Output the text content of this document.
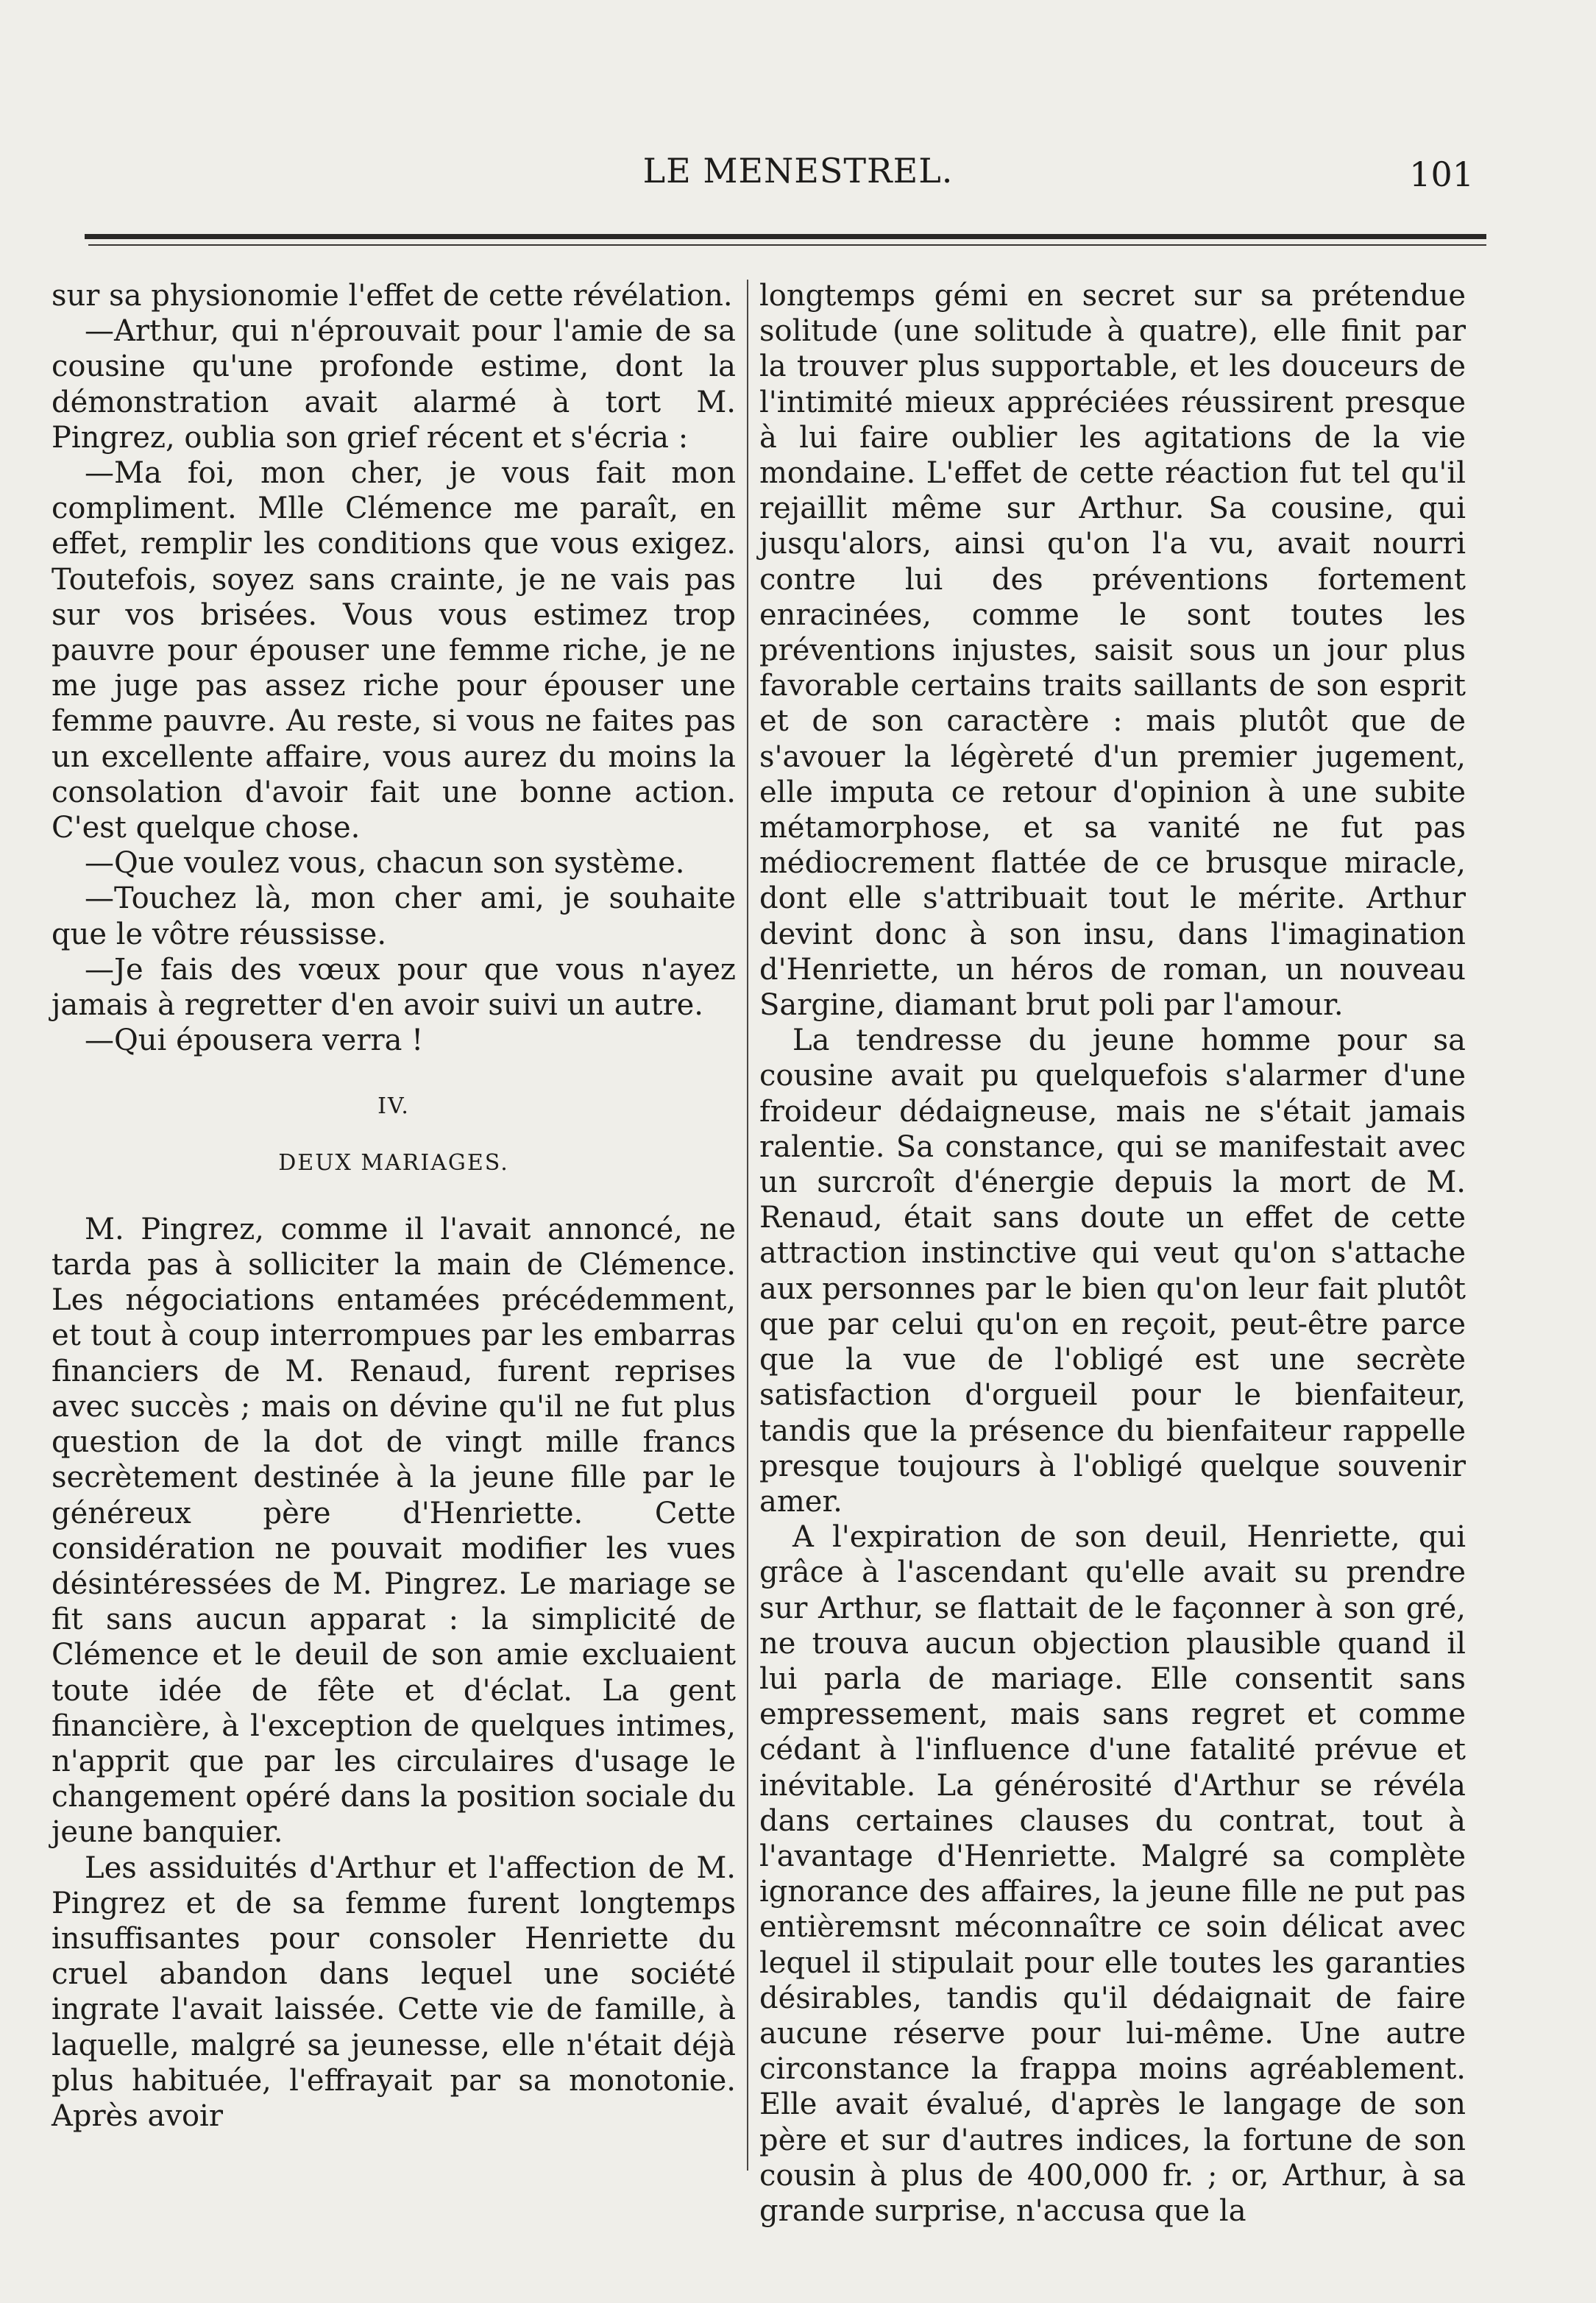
LE MENESTREL.	101

sur sa physionomie l'effet de cette révélation.

—Arthur, qui n'éprouvait pour l'amie de sa cousine qu'une profonde estime, dont la démonstration avait alarmé à tort M. Pingrez, oublia son grief récent et s'écria :

—Ma foi, mon cher, je vous fait mon compliment. Mlle Clémence me paraît, en effet, remplir les conditions que vous exigez. Toutefois, soyez sans crainte, je ne vais pas sur vos brisées. Vous vous estimez trop pauvre pour épouser une femme riche, je ne me juge pas assez riche pour épouser une femme pauvre. Au reste, si vous ne faites pas un excellente affaire, vous aurez du moins la consolation d'avoir fait une bonne action. C'est quelque chose.

—Que voulez vous, chacun son système.

—Touchez là, mon cher ami, je souhaite que le vôtre réussisse.

—Je fais des vœux pour que vous n'ayez jamais à regretter d'en avoir suivi un autre.

—Qui épousera verra !

IV.
DEUX MARIAGES.

M. Pingrez, comme il l'avait annoncé, ne tarda pas à solliciter la main de Clémence. Les négociations entamées précédemment, et tout à coup interrompues par les embarras financiers de M. Renaud, furent reprises avec succès ; mais on dévine qu'il ne fut plus question de la dot de vingt mille francs secrètement destinée à la jeune fille par le généreux père d'Henriette. Cette considération ne pouvait modifier les vues désintéressées de M. Pingrez. Le mariage se fit sans aucun apparat : la simplicité de Clémence et le deuil de son amie excluaient toute idée de fête et d'éclat. La gent financière, à l'exception de quelques intimes, n'apprit que par les circulaires d'usage le changement opéré dans la position sociale du jeune banquier.

Les assiduités d'Arthur et l'affection de M. Pingrez et de sa femme furent longtemps insuffisantes pour consoler Henriette du cruel abandon dans lequel une société ingrate l'avait laissée. Cette vie de famille, à laquelle, malgré sa jeunesse, elle n'était déjà plus habituée, l'effrayait par sa monotonie. Après avoir

longtemps gémi en secret sur sa prétendue solitude (une solitude à quatre), elle finit par la trouver plus supportable, et les douceurs de l'intimité mieux appréciées réussirent presque à lui faire oublier les agitations de la vie mondaine. L'effet de cette réaction fut tel qu'il rejaillit même sur Arthur. Sa cousine, qui jusqu'alors, ainsi qu'on l'a vu, avait nourri contre lui des préventions fortement enracinées, comme le sont toutes les préventions injustes, saisit sous un jour plus favorable certains traits saillants de son esprit et de son caractère : mais plutôt que de s'avouer la légèreté d'un premier jugement, elle imputa ce retour d'opinion à une subite métamorphose, et sa vanité ne fut pas médiocrement flattée de ce brusque miracle, dont elle s'attribuait tout le mérite. Arthur devint donc à son insu, dans l'imagination d'Henriette, un héros de roman, un nouveau Sargine, diamant brut poli par l'amour.

La tendresse du jeune homme pour sa cousine avait pu quelquefois s'alarmer d'une froideur dédaigneuse, mais ne s'était jamais ralentie. Sa constance, qui se manifestait avec un surcroît d'énergie depuis la mort de M. Renaud, était sans doute un effet de cette attraction instinctive qui veut qu'on s'attache aux personnes par le bien qu'on leur fait plutôt que par celui qu'on en reçoit, peut-être parce que la vue de l'obligé est une secrète satisfaction d'orgueil pour le bienfaiteur, tandis que la présence du bienfaiteur rappelle presque toujours à l'obligé quelque souvenir amer.

A l'expiration de son deuil, Henriette, qui grâce à l'ascendant qu'elle avait su prendre sur Arthur, se flattait de le façonner à son gré, ne trouva aucun objection plausible quand il lui parla de mariage. Elle consentit sans empressement, mais sans regret et comme cédant à l'influence d'une fatalité prévue et inévitable. La générosité d'Arthur se révéla dans certaines clauses du contrat, tout à l'avantage d'Henriette. Malgré sa complète ignorance des affaires, la jeune fille ne put pas entièremsnt méconnaître ce soin délicat avec lequel il stipulait pour elle toutes les garanties désirables, tandis qu'il dédaignait de faire aucune réserve pour lui-même. Une autre circonstance la frappa moins agréablement. Elle avait évalué, d'après le langage de son père et sur d'autres indices, la fortune de son cousin à plus de 400,000 fr. ; or, Arthur, à sa grande surprise, n'accusa que la
